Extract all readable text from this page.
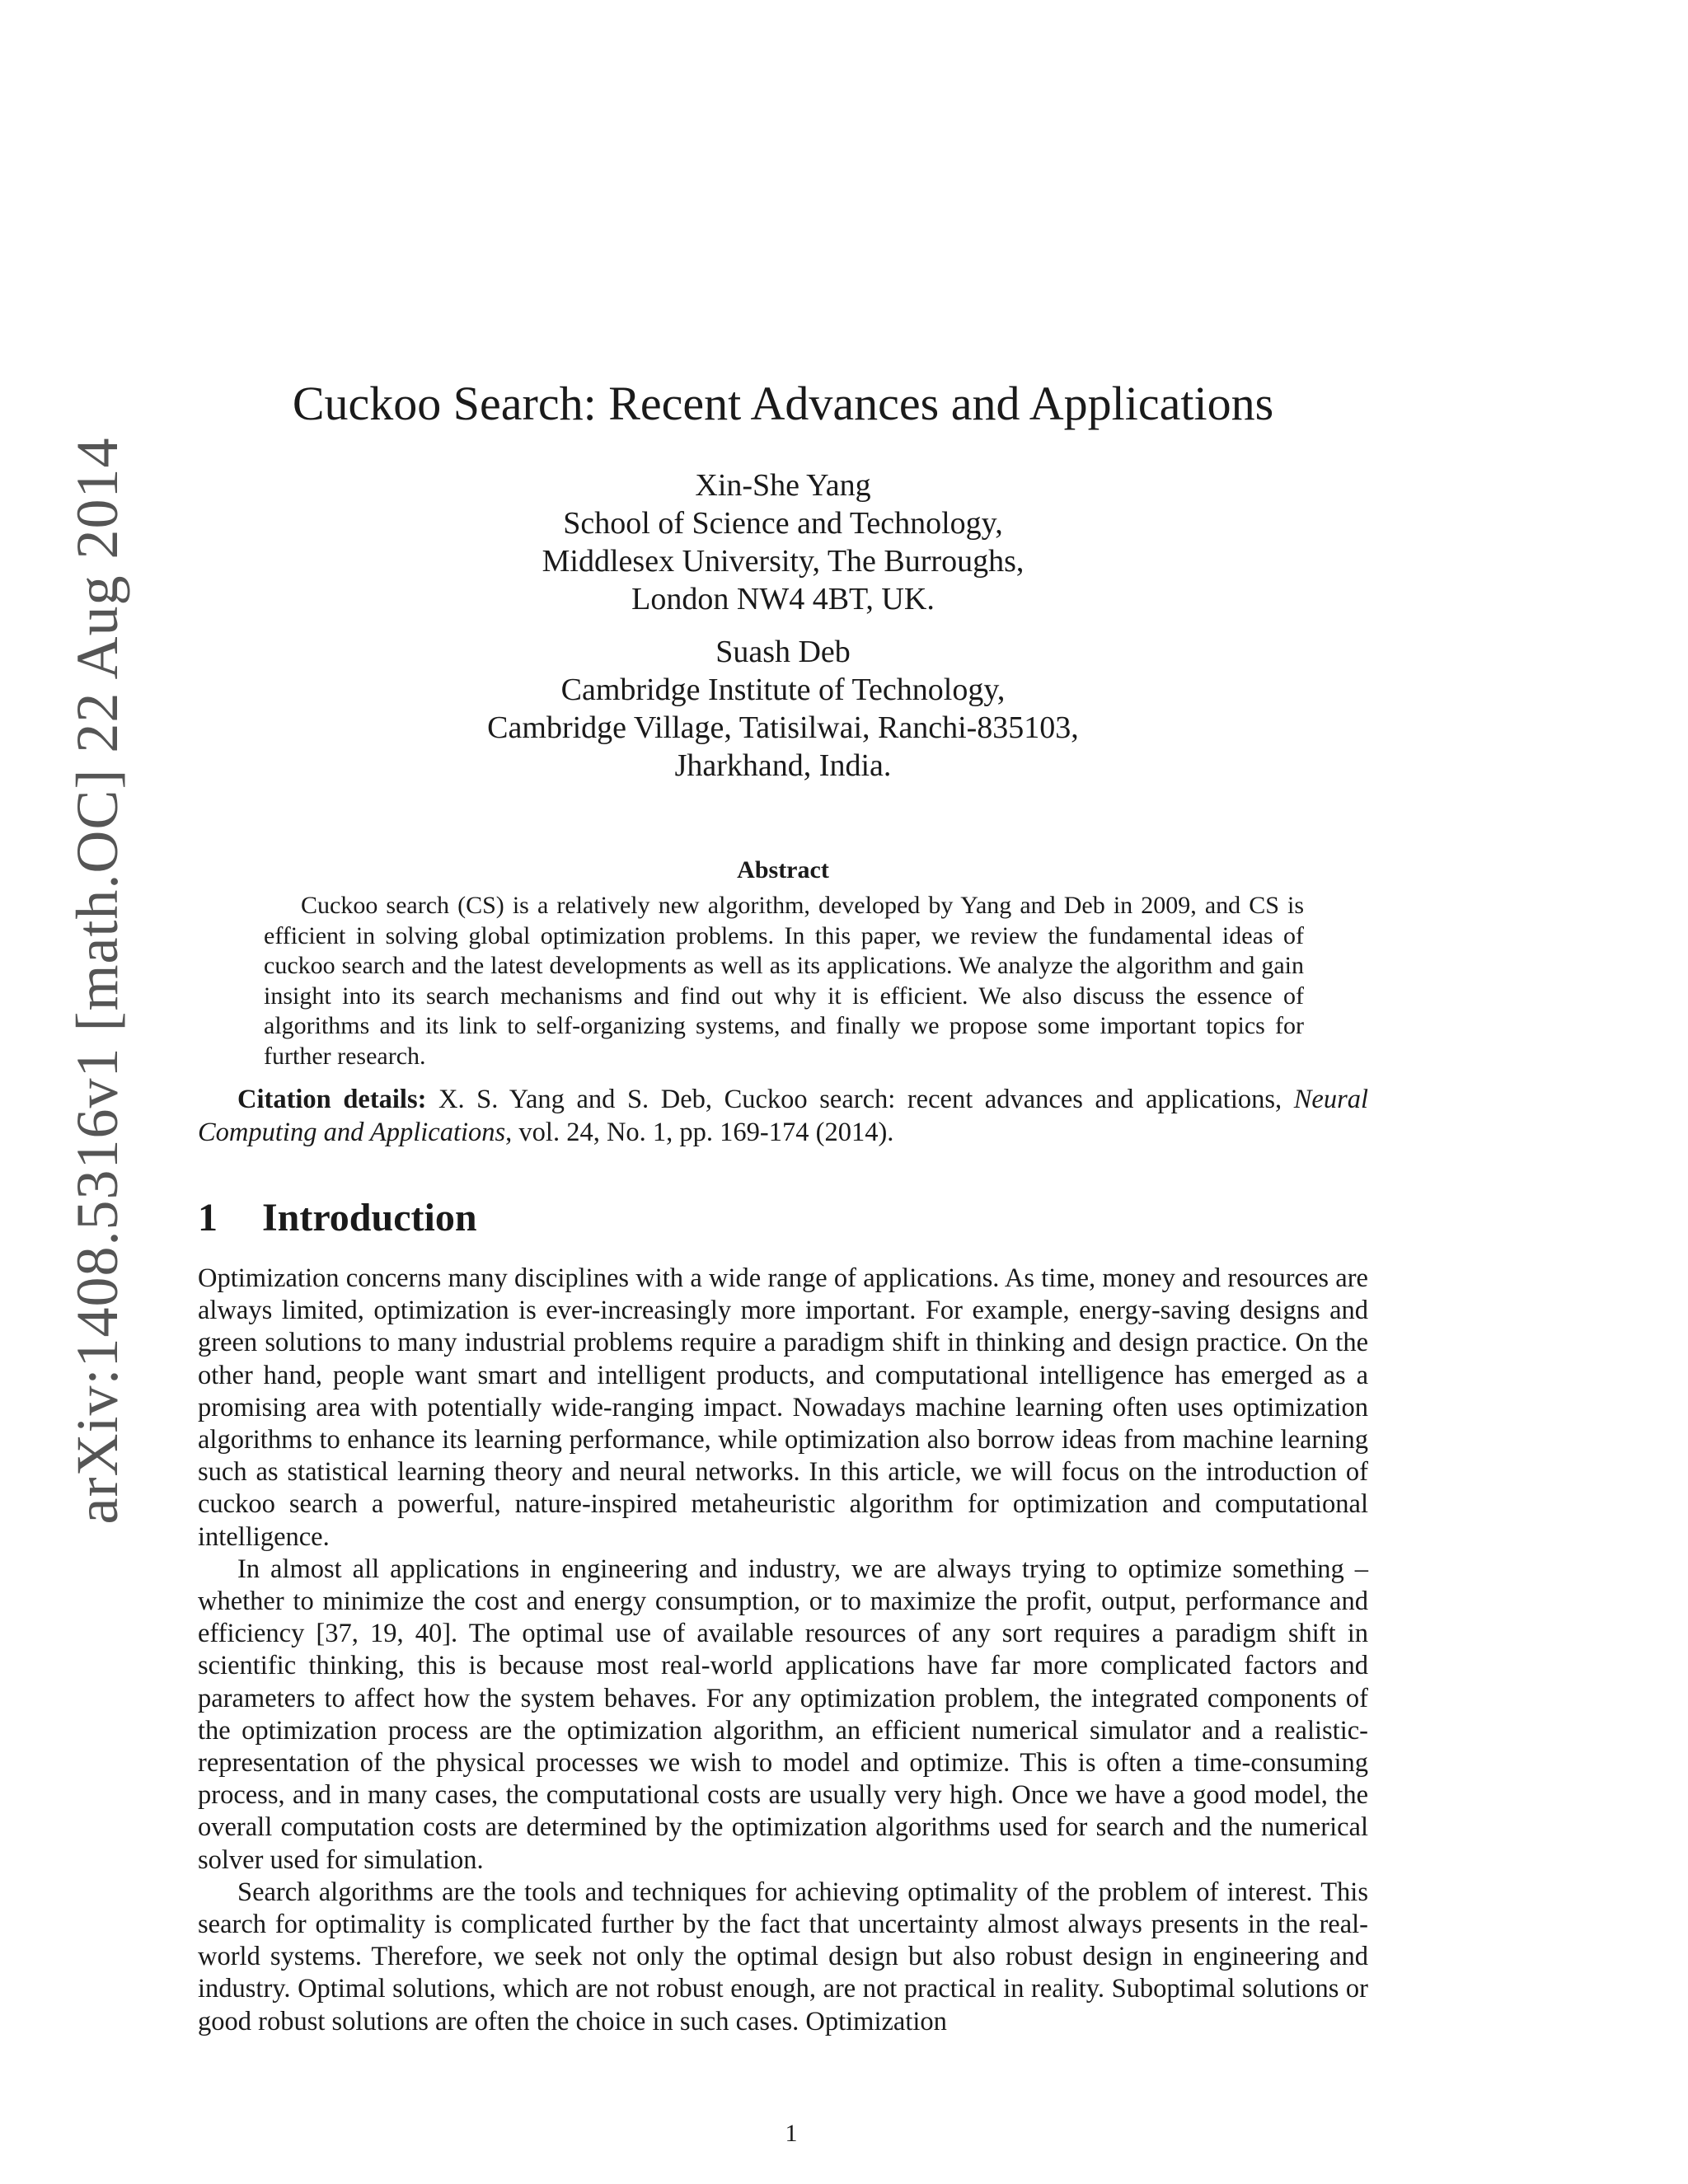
arXiv:1408.5316v1 [math.OC] 22 Aug 2014
Cuckoo Search: Recent Advances and Applications
Xin-She Yang
School of Science and Technology,
Middlesex University, The Burroughs,
London NW4 4BT, UK.
Suash Deb
Cambridge Institute of Technology,
Cambridge Village, Tatisilwai, Ranchi-835103,
Jharkhand, India.
Abstract

Cuckoo search (CS) is a relatively new algorithm, developed by Yang and Deb in 2009, and CS is efficient in solving global optimization problems. In this paper, we review the fundamental ideas of cuckoo search and the latest developments as well as its applications. We analyze the algorithm and gain insight into its search mechanisms and find out why it is efficient. We also discuss the essence of algorithms and its link to self-organizing systems, and finally we propose some important topics for further research.

Citation details: X. S. Yang and S. Deb, Cuckoo search: recent advances and applications, Neural Computing and Applications, vol. 24, No. 1, pp. 169-174 (2014).

1 Introduction

Optimization concerns many disciplines with a wide range of applications. As time, money and resources are always limited, optimization is ever-increasingly more important. For example, energy-saving designs and green solutions to many industrial problems require a paradigm shift in thinking and design practice. On the other hand, people want smart and intelligent products, and computational intelligence has emerged as a promising area with potentially wide-ranging impact. Nowadays machine learning often uses optimization algorithms to enhance its learning performance, while optimization also borrow ideas from machine learning such as statistical learning theory and neural networks. In this article, we will focus on the introduction of cuckoo search a powerful, nature-inspired metaheuristic algorithm for optimization and computational intelligence.

In almost all applications in engineering and industry, we are always trying to optimize something – whether to minimize the cost and energy consumption, or to maximize the profit, output, performance and efficiency [37, 19, 40]. The optimal use of available resources of any sort requires a paradigm shift in scientific thinking, this is because most real-world applications have far more complicated factors and parameters to affect how the system behaves. For any optimization problem, the integrated components of the optimization process are the optimization algorithm, an efficient numerical simulator and a realistic-representation of the physical processes we wish to model and optimize. This is often a time-consuming process, and in many cases, the computational costs are usually very high. Once we have a good model, the overall computation costs are determined by the optimization algorithms used for search and the numerical solver used for simulation.

Search algorithms are the tools and techniques for achieving optimality of the problem of interest. This search for optimality is complicated further by the fact that uncertainty almost always presents in the real-world systems. Therefore, we seek not only the optimal design but also robust design in engineering and industry. Optimal solutions, which are not robust enough, are not practical in reality. Suboptimal solutions or good robust solutions are often the choice in such cases. Optimization

1
